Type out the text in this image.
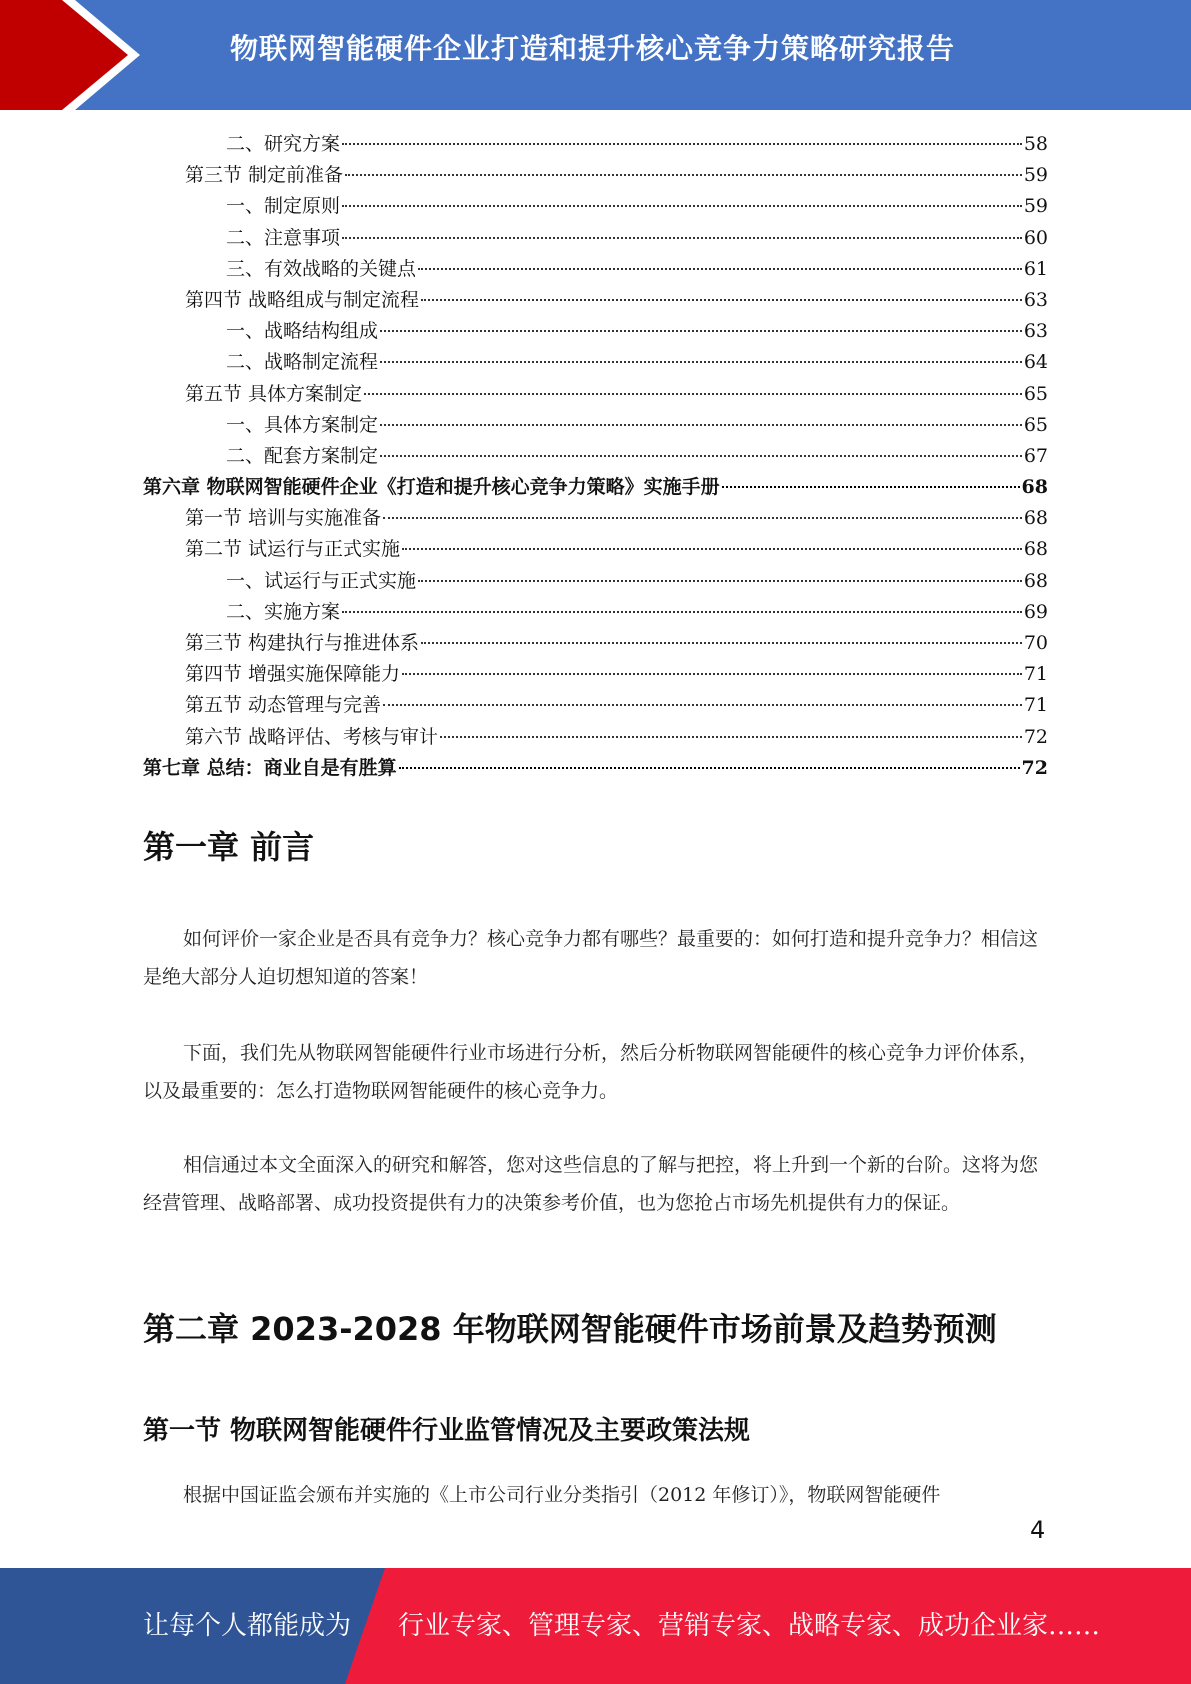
物联网智能硬件企业打造和提升核心竞争力策略研究报告
二、研究方案	58
第三节 制定前准备	59
一、制定原则	59
二、注意事项	60
三、有效战略的关键点	61
第四节 战略组成与制定流程	63
一、战略结构组成	63
二、战略制定流程	64
第五节 具体方案制定	65
一、具体方案制定	65
二、配套方案制定	67
第六章 物联网智能硬件企业《打造和提升核心竞争力策略》实施手册	68
第一节 培训与实施准备	68
第二节 试运行与正式实施	68
一、试运行与正式实施	68
二、实施方案	69
第三节 构建执行与推进体系	70
第四节 增强实施保障能力	71
第五节 动态管理与完善	71
第六节 战略评估、考核与审计	72
第七章 总结：商业自是有胜算	72
第一章 前言
如何评价一家企业是否具有竞争力？核心竞争力都有哪些？最重要的：如何打造和提升竞争力？相信这是绝大部分人迫切想知道的答案！
下面，我们先从物联网智能硬件行业市场进行分析，然后分析物联网智能硬件的核心竞争力评价体系，以及最重要的：怎么打造物联网智能硬件的核心竞争力。
相信通过本文全面深入的研究和解答，您对这些信息的了解与把控，将上升到一个新的台阶。这将为您经营管理、战略部署、成功投资提供有力的决策参考价值，也为您抢占市场先机提供有力的保证。
第二章 2023-2028 年物联网智能硬件市场前景及趋势预测
第一节 物联网智能硬件行业监管情况及主要政策法规
根据中国证监会颁布并实施的《上市公司行业分类指引（2012 年修订）》，物联网智能硬件
4
让每个人都能成为 行业专家、管理专家、营销专家、战略专家、成功企业家……
